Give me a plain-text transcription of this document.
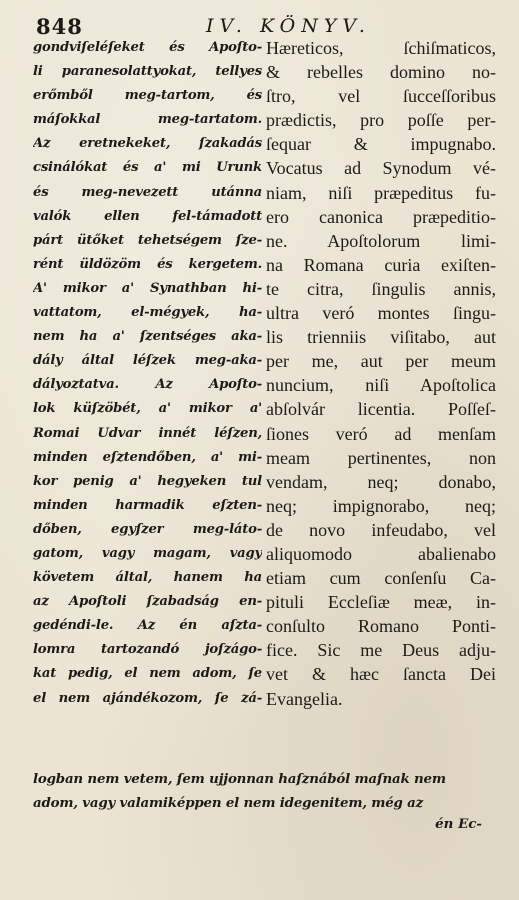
848	IV. KÖNYV.
gondviſeléſeket és Apoſto-
li paranesolattyokat, tellyes
erőmből meg-tartom, és
máſokkal meg-tartatom.
Az eretnekeket, ſzakadás
csinálókat és a' mi Urunk
és meg-nevezett utánna
valók ellen fel-támadott
párt ütőket tehetségem ſze-
rént üldözöm és kergetem.
A' mikor a' Synathban hi-
vattatom, el-mégyek, ha-
nem ha a' ſzentséges aka-
dály által léſzek meg-aka-
dályoztatva. Az Apoſto-
lok küſzöbét, a' mikor a'
Romai Udvar innét léſzen,
minden eſztendőben, a' mi-
kor penig a' hegyeken tul
minden harmadik eſzten-
dőben, egyſzer meg-láto-
gatom, vagy magam, vagy
követem által, hanem ha
az Apoſtoli ſzabadság en-
gedéndi-le. Az én aſzta-
lomra tartozandó joſzágo-
kat pedig, el nem adom, ſe
el nem ajándékozom, ſe zá-
Hæreticos, ſchiſmaticos,
& rebelles domino no-
ſtro, vel ſucceſſoribus
prædictis, pro poſſe per-
ſequar & impugnabo.
Vocatus ad Synodum vé-
niam, niſi præpeditus fu-
ero canonica præpeditio-
ne. Apoſtolorum limi-
na Romana curia exiſten-
te citra, ſingulis annis,
ultra veró montes ſingu-
lis trienniis viſitabo, aut
per me, aut per meum
nuncium, niſi Apoſtolica
abſolvár licentia. Poſſeſ-
ſiones veró ad menſam
meam pertinentes, non
vendam, neq; donabo,
neq; impignorabo, neq;
de novo infeudabo, vel
aliquomodo abalienabo
etiam cum conſenſu Ca-
pituli Eccleſiæ meæ, in-
conſulto Romano Ponti-
fice. Sic me Deus adju-
vet & hæc ſancta Dei
Evangelia.
logban nem vetem, ſem ujjonnan haſznából maſnak nem
adom, vagy valamiképpen el nem idegenitem, még az
én Ec-
